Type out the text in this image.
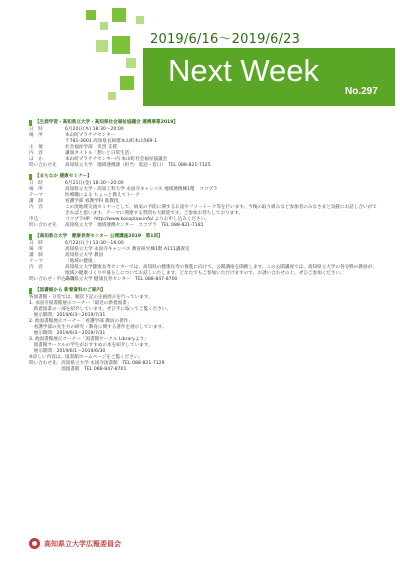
2019/6/16～2019/6/23
Next Week
No.297
【生涯学習・高知県立大学・高知県社会福祉協議会 連携事業2019】
日　時	6月20日(木) 18:30～20:00
場　所	本山町プラチナセンター
〒781-3601 高知県長岡郡本山町本山569-1
主　催	社会福祉学部　災害 支援
内　容	講演タイトル「想いと日常生活」
ほ　か	本山町プラチナセンター内 本山町社会福祉協議会
問い合わせ先	高知県立大学　地域連携課（担当：電話・窓口）　TEL 088-821-7125
【まちなか 健康セミナー】
日　時	6月21日(金) 18:30～20:00
場　所	高知県立大学・高知工科大学 永国寺キャンパス 地域連携棟1階　ココプラ
テーマ	医療職による ちょっと教えてトーク
講　師	看護学部 看護学科 准教授
内　容	この度地域交流セミナーとして、病気の予防に関するお話やフリートーク等を行います。今後の取り組みなど参加者のみなさまと気軽にお話し合いができればと思います。テーマに関連する質問も大歓迎です。ご参加お待ちしております。
申込	ココプラHP　http://www.kocoplaw.info/ よりお申し込みください。
問い合わせ先	高知県立大学　地域連携センター　ココプラ　TEL 088-821-7181
【高知県立大学　健康長寿センター 公開講座2019　第1回】
日　時	6月22日(土) 13:30～16:00
場　所	高知県立大学 永国寺キャンパス 教育研究棟1階 A111講義室
講　師	高知県立大学 教員
テーマ	「地域の健康」
内　容	高知県立大学健康長寿センターでは、高知県の健康長寿の推進に向けて、公開講座を開催します。この公開講座では、高知県立大学の各分野の教員が、地域の健康づくりや暮らしについてお話しいたします。どなたでもご参加いただけますので、お誘い合わせの上、ぜひご参加ください。
問い合わせ・申込み先
高知県立大学 健康長寿センター　TEL 088-847-8700
【図書館から 新着資料のご案内】
各図書館・分室では、順次下記の企画展示を行っています。
1. 永国寺図書館展示コーナー「最近の新着図書」
　新着図書の一部を紹介しています。ぜひ手に取ってご覧ください。
　展示期間：2019/6/3～2019/7/31
2. 池図書館展示コーナー「看護学部 教員の著作」
　看護学部の先生方の研究・教育に関する著作を展示しています。
　展示期間：2019/6/3～2019/7/31
3. 池図書館展示コーナー「図書館サークル Libraryより」
　図書館サークルの学生がおすすめの本を紹介しています。
　展示期間：2019/6/1～2019/6/30
※詳しい内容は、図書館ホームページをご覧ください。
問い合わせ先：高知県立大学 永国寺図書館　TEL 088-821-7129
　　　　　　　池図書館　TEL 088-847-8701
高知県立大学広報委員会
